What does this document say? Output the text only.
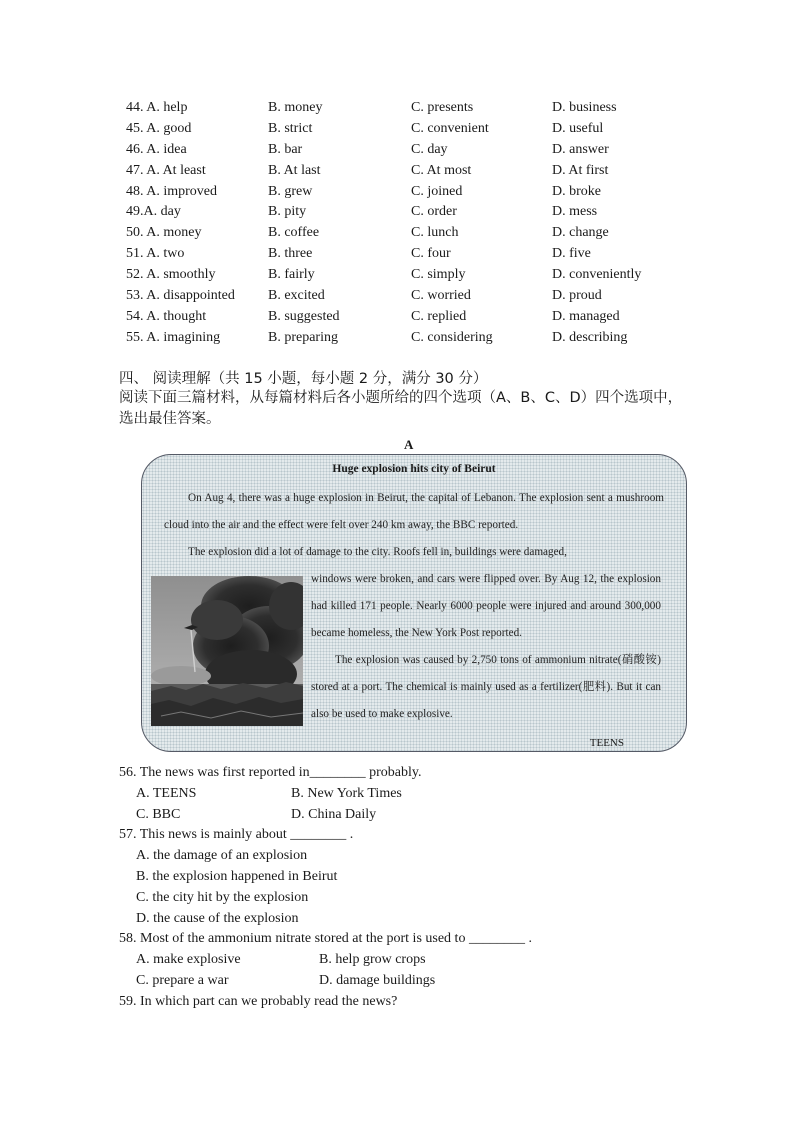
44. A. help	B. money	C. presents	D. business
45. A. good	B. strict	C. convenient	D. useful
46. A. idea	B. bar	C. day	D. answer
47. A. At least	B. At last	C. At most	D. At first
48. A. improved	B. grew	C. joined	D. broke
49.A. day	B. pity	C. order	D. mess
50. A. money	B. coffee	C. lunch	D. change
51. A. two	B. three	C. four	D. five
52. A. smoothly	B. fairly	C. simply	D. conveniently
53. A. disappointed B. excited	C. worried	D. proud
54. A. thought	B. suggested	C. replied	D. managed
55. A. imagining	B. preparing	C. considering	D. describing
四、 阅读理解（共 15 小题，每小题 2 分，满分 30 分）
阅读下面三篇材料，从每篇材料后各小题所给的四个选项（A、B、C、D）四个选项中，选出最佳答案。
A
Huge explosion hits city of Beirut
On Aug 4, there was a huge explosion in Beirut, the capital of Lebanon. The explosion sent a mushroom cloud into the air and the effect were felt over 240 km away, the BBC reported.
The explosion did a lot of damage to the city. Roofs fell in, buildings were damaged,
windows were broken, and cars were flipped over. By Aug 12, the explosion had killed 171 people. Nearly 6000 people were injured and around 300,000 became homeless, the New York Post reported.
The explosion was caused by 2,750 tons of ammonium nitrate(硝酸铵) stored at a port. The chemical is mainly used as a fertilizer(肥料). But it can also be used to make explosive.
TEENS
56. The news was first reported in________ probably.
A. TEENS	B. New York Times
C. BBC	D. China Daily
57. This news is mainly about ________ .
A. the damage of an explosion
B. the explosion happened in Beirut
C. the city hit by the explosion
D. the cause of the explosion
58. Most of the ammonium nitrate stored at the port is used to ________ .
A. make explosive	B. help grow crops
C. prepare a war	D. damage buildings
59. In which part can we probably read the news?
